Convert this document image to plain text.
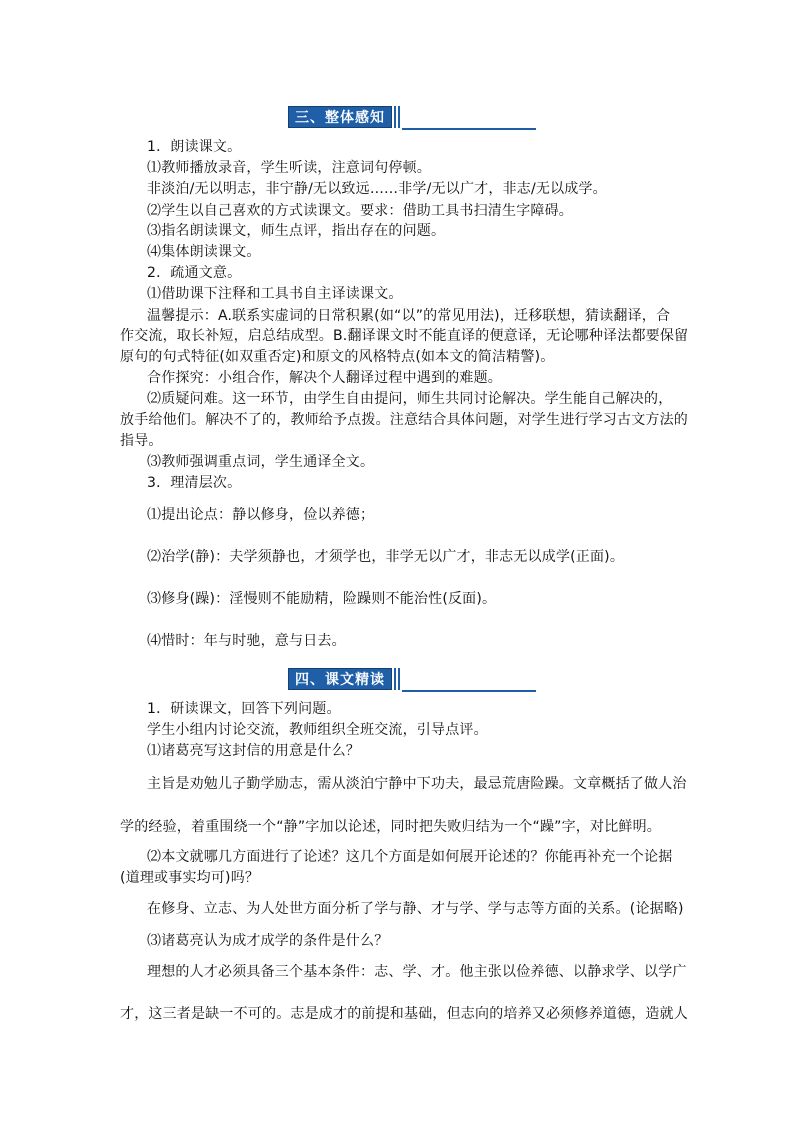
三、整体感知
1．朗读课文。
⑴教师播放录音，学生听读，注意词句停顿。
非淡泊/无以明志，非宁静/无以致远……非学/无以广才，非志/无以成学。
⑵学生以自己喜欢的方式读课文。要求：借助工具书扫清生字障碍。
⑶指名朗读课文，师生点评，指出存在的问题。
⑷集体朗读课文。
2．疏通文意。
⑴借助课下注释和工具书自主译读课文。
温馨提示：A.联系实虚词的日常积累(如“以”的常见用法)，迁移联想，猜读翻译，合
作交流，取长补短，启总结成型。B.翻译课文时不能直译的便意译，无论哪种译法都要保留
原句的句式特征(如双重否定)和原文的风格特点(如本文的简洁精警)。
合作探究：小组合作，解决个人翻译过程中遇到的难题。
⑵质疑问难。这一环节，由学生自由提问，师生共同讨论解决。学生能自己解决的，
放手给他们。解决不了的，教师给予点拨。注意结合具体问题，对学生进行学习古文方法的
指导。
⑶教师强调重点词，学生通译全文。
3．理清层次。
⑴提出论点：静以修身，俭以养德；
⑵治学(静)：夫学须静也，才须学也，非学无以广才，非志无以成学(正面)。
⑶修身(躁)：淫慢则不能励精，险躁则不能治性(反面)。
⑷惜时：年与时驰，意与日去。
四、课文精读
1．研读课文，回答下列问题。
学生小组内讨论交流，教师组织全班交流，引导点评。
⑴诸葛亮写这封信的用意是什么？
主旨是劝勉儿子勤学励志，需从淡泊宁静中下功夫，最忌荒唐险躁。文章概括了做人治
学的经验，着重围绕一个“静”字加以论述，同时把失败归结为一个“躁”字，对比鲜明。
⑵本文就哪几方面进行了论述？这几个方面是如何展开论述的？你能再补充一个论据
(道理或事实均可)吗？
在修身、立志、为人处世方面分析了学与静、才与学、学与志等方面的关系。(论据略)
⑶诸葛亮认为成才成学的条件是什么？
理想的人才必须具备三个基本条件：志、学、才。他主张以俭养德、以静求学、以学广
才，这三者是缺一不可的。志是成才的前提和基础，但志向的培养又必须修养道德，造就人
